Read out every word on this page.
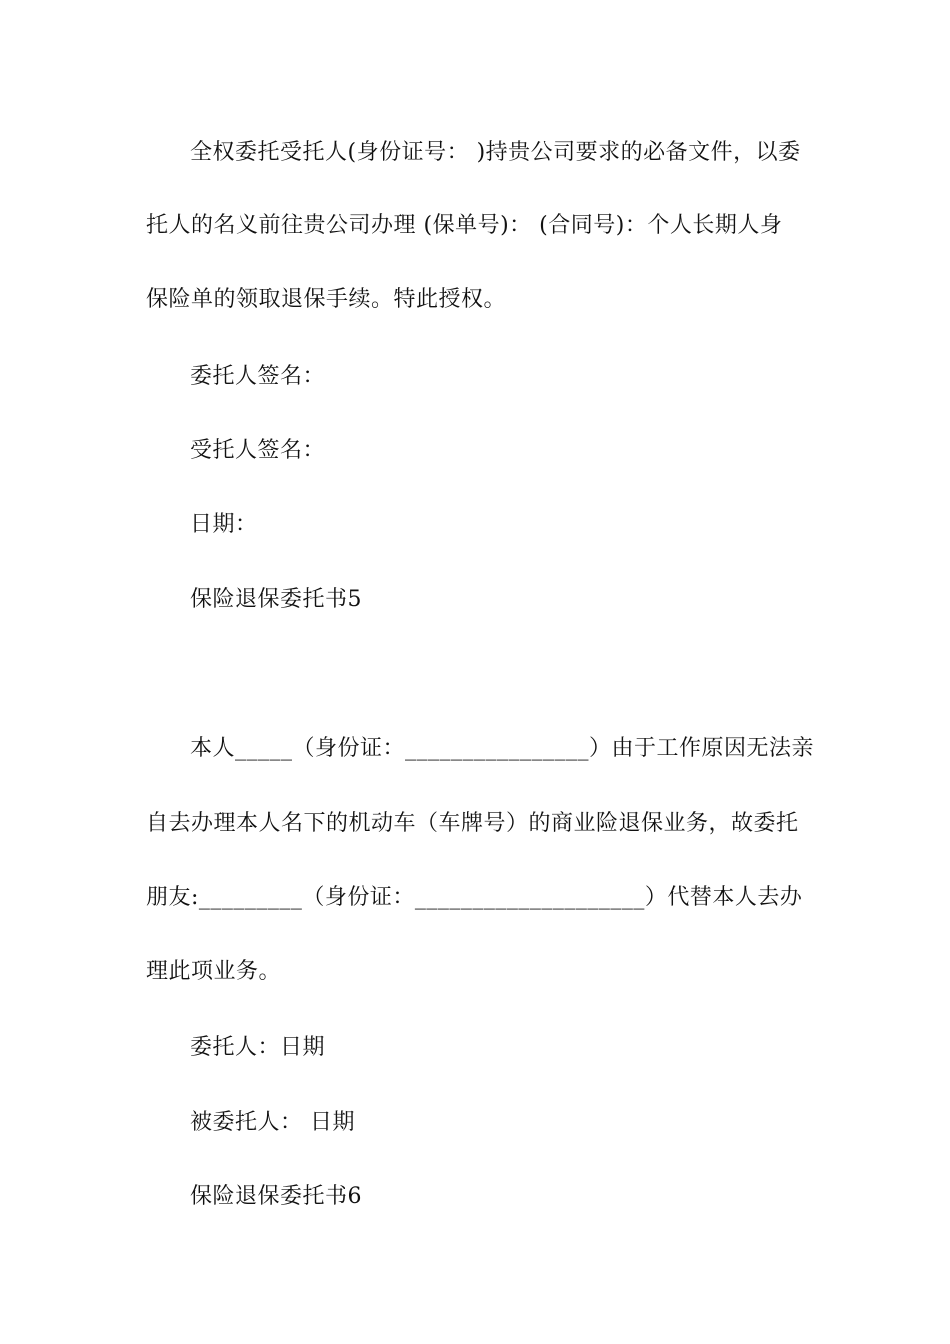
全权委托受托人(身份证号： )持贵公司要求的必备文件，以委
托人的名义前往贵公司办理 (保单号)： (合同号)：个人长期人身
保险单的领取退保手续。特此授权。
委托人签名：
受托人签名：
日期：
保险退保委托书5
本人_____（身份证：________________）由于工作原因无法亲
自去办理本人名下的机动车（车牌号）的商业险退保业务，故委托
朋友:_________（身份证：____________________）代替本人去办
理此项业务。
委托人：日期
被委托人： 日期
保险退保委托书6
